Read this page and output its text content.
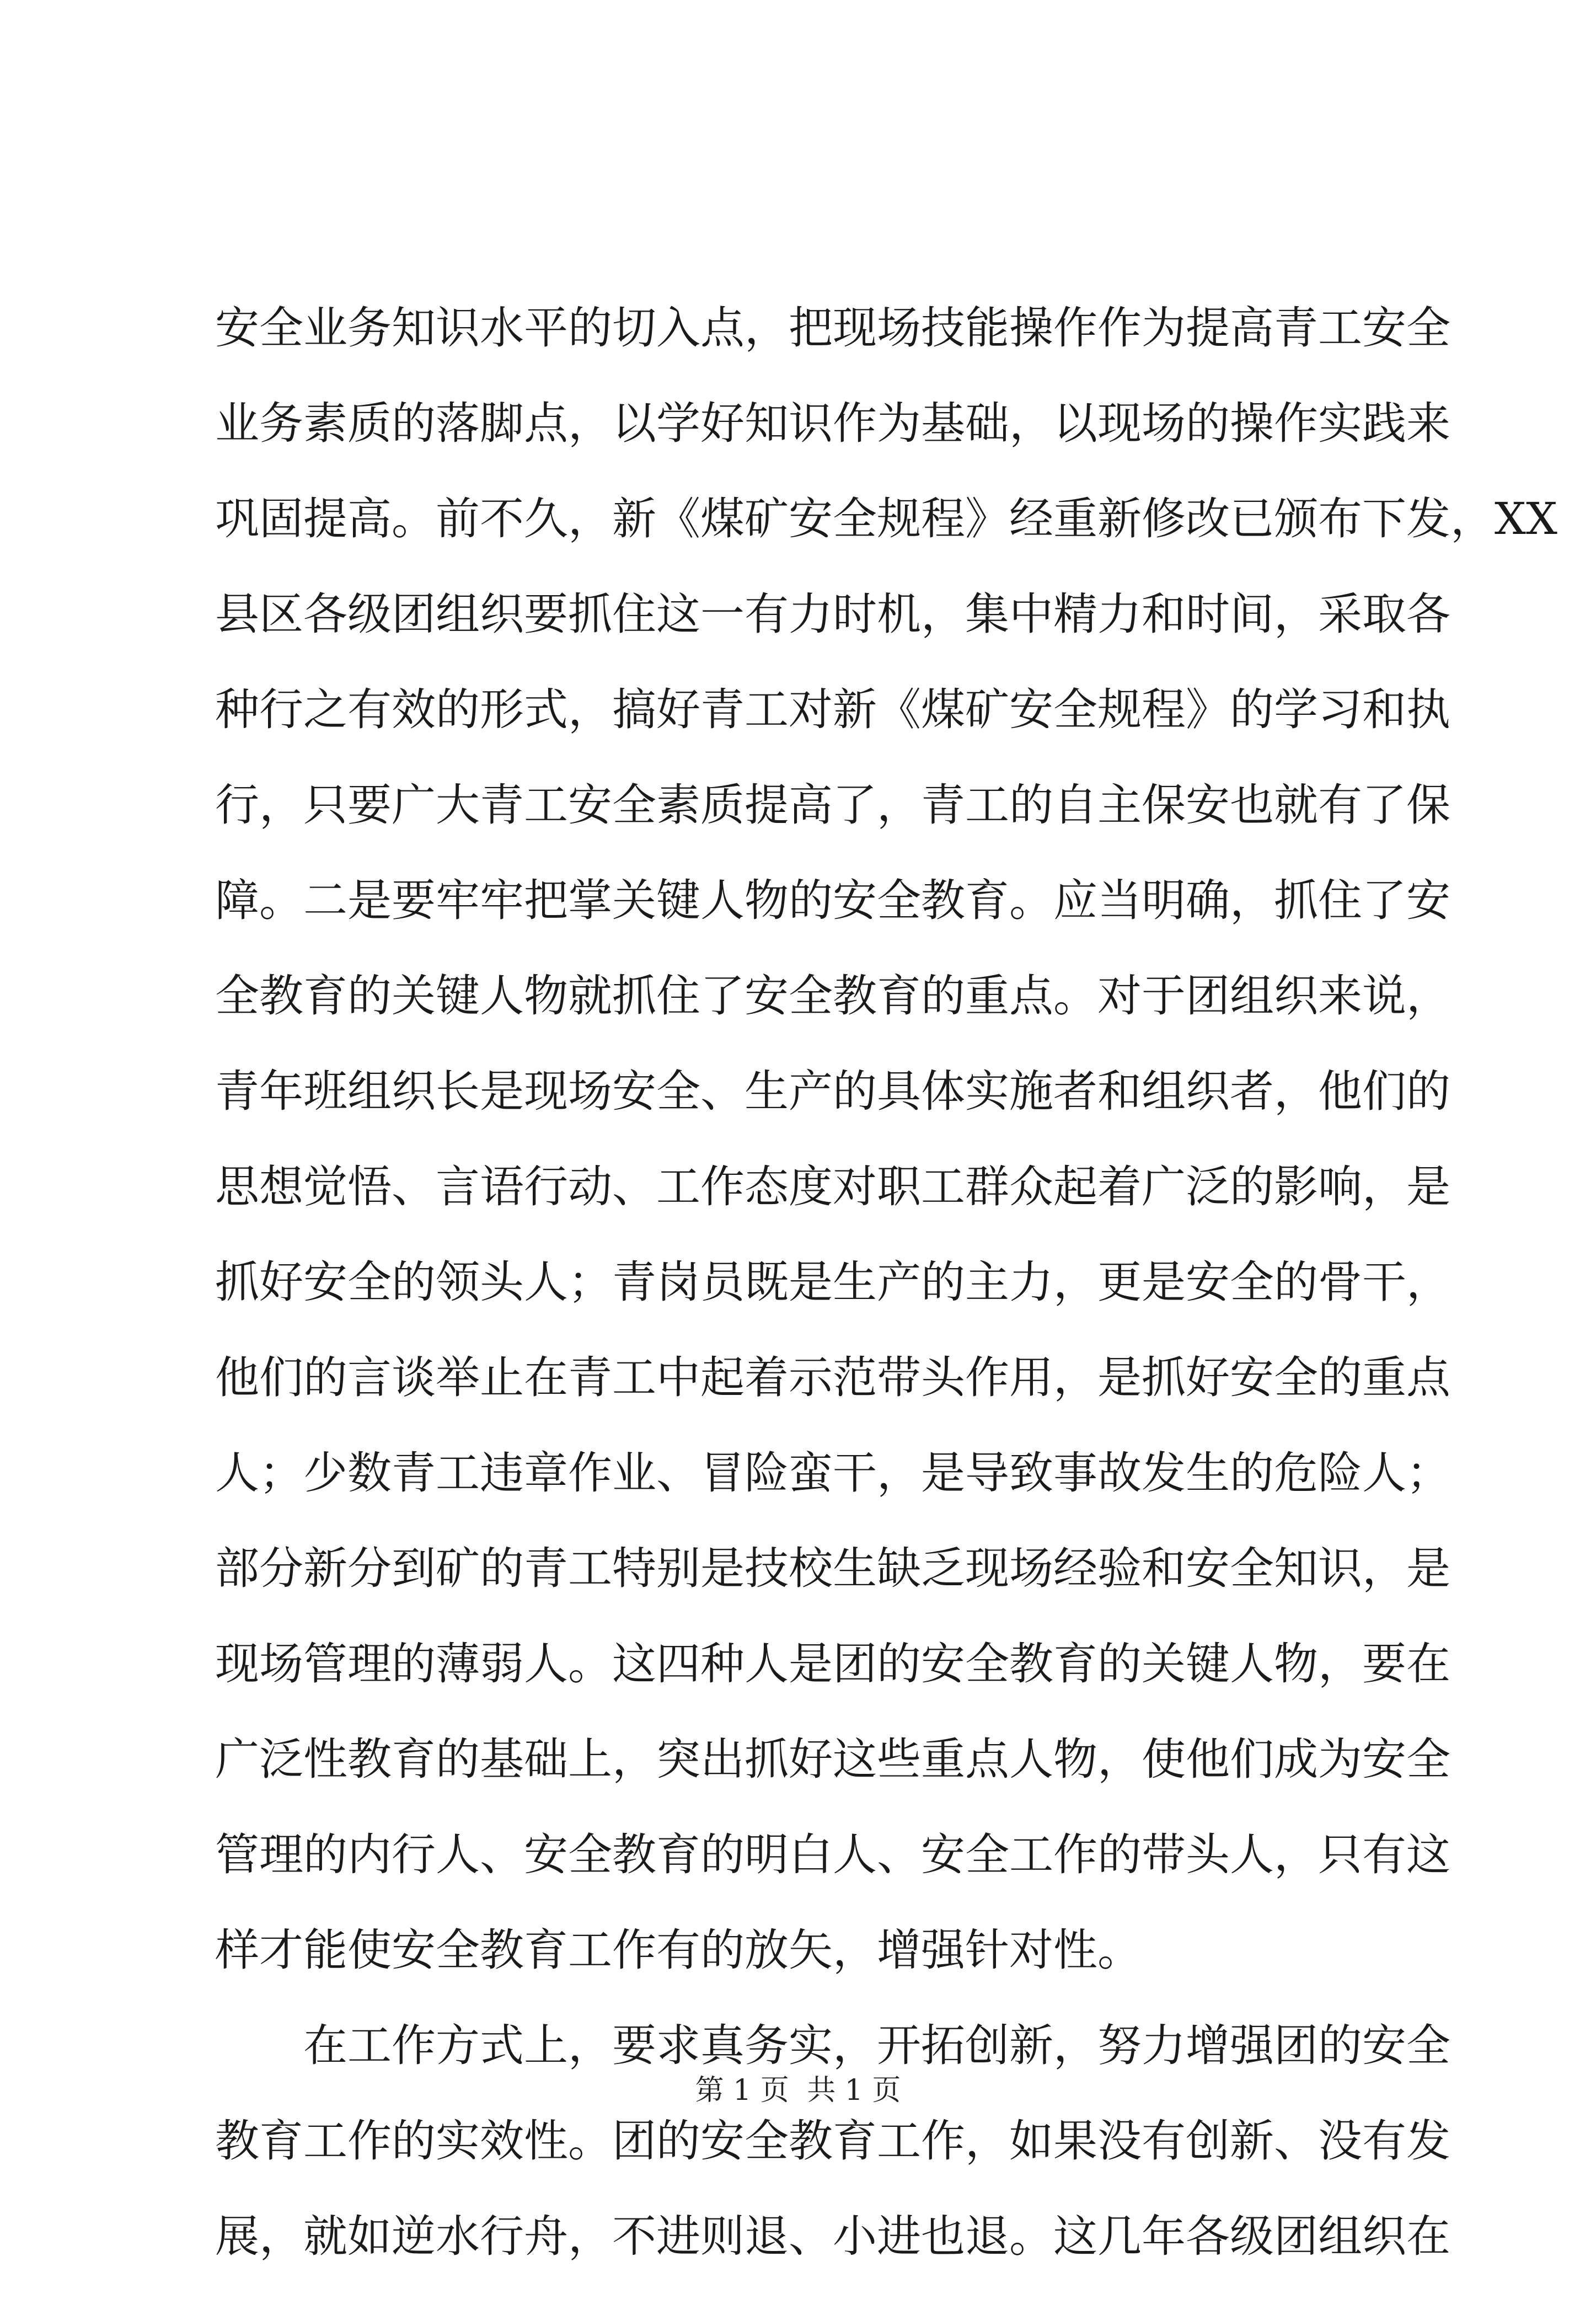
安全业务知识水平的切入点，把现场技能操作作为提高青工安全
业务素质的落脚点，以学好知识作为基础，以现场的操作实践来
巩固提高。前不久，新《煤矿安全规程》经重新修改已颁布下发，XX
县区各级团组织要抓住这一有力时机，集中精力和时间，采取各
种行之有效的形式，搞好青工对新《煤矿安全规程》的学习和执
行，只要广大青工安全素质提高了，青工的自主保安也就有了保
障。二是要牢牢把掌关键人物的安全教育。应当明确，抓住了安
全教育的关键人物就抓住了安全教育的重点。对于团组织来说，
青年班组织长是现场安全、生产的具体实施者和组织者，他们的
思想觉悟、言语行动、工作态度对职工群众起着广泛的影响，是
抓好安全的领头人；青岗员既是生产的主力，更是安全的骨干，
他们的言谈举止在青工中起着示范带头作用，是抓好安全的重点
人；少数青工违章作业、冒险蛮干，是导致事故发生的危险人；
部分新分到矿的青工特别是技校生缺乏现场经验和安全知识，是
现场管理的薄弱人。这四种人是团的安全教育的关键人物，要在
广泛性教育的基础上，突出抓好这些重点人物，使他们成为安全
管理的内行人、安全教育的明白人、安全工作的带头人，只有这
样才能使安全教育工作有的放矢，增强针对性。
在工作方式上，要求真务实，开拓创新，努力增强团的安全
教育工作的实效性。团的安全教育工作，如果没有创新、没有发
展，就如逆水行舟，不进则退、小进也退。这几年各级团组织在
第 1 页 共 1 页
